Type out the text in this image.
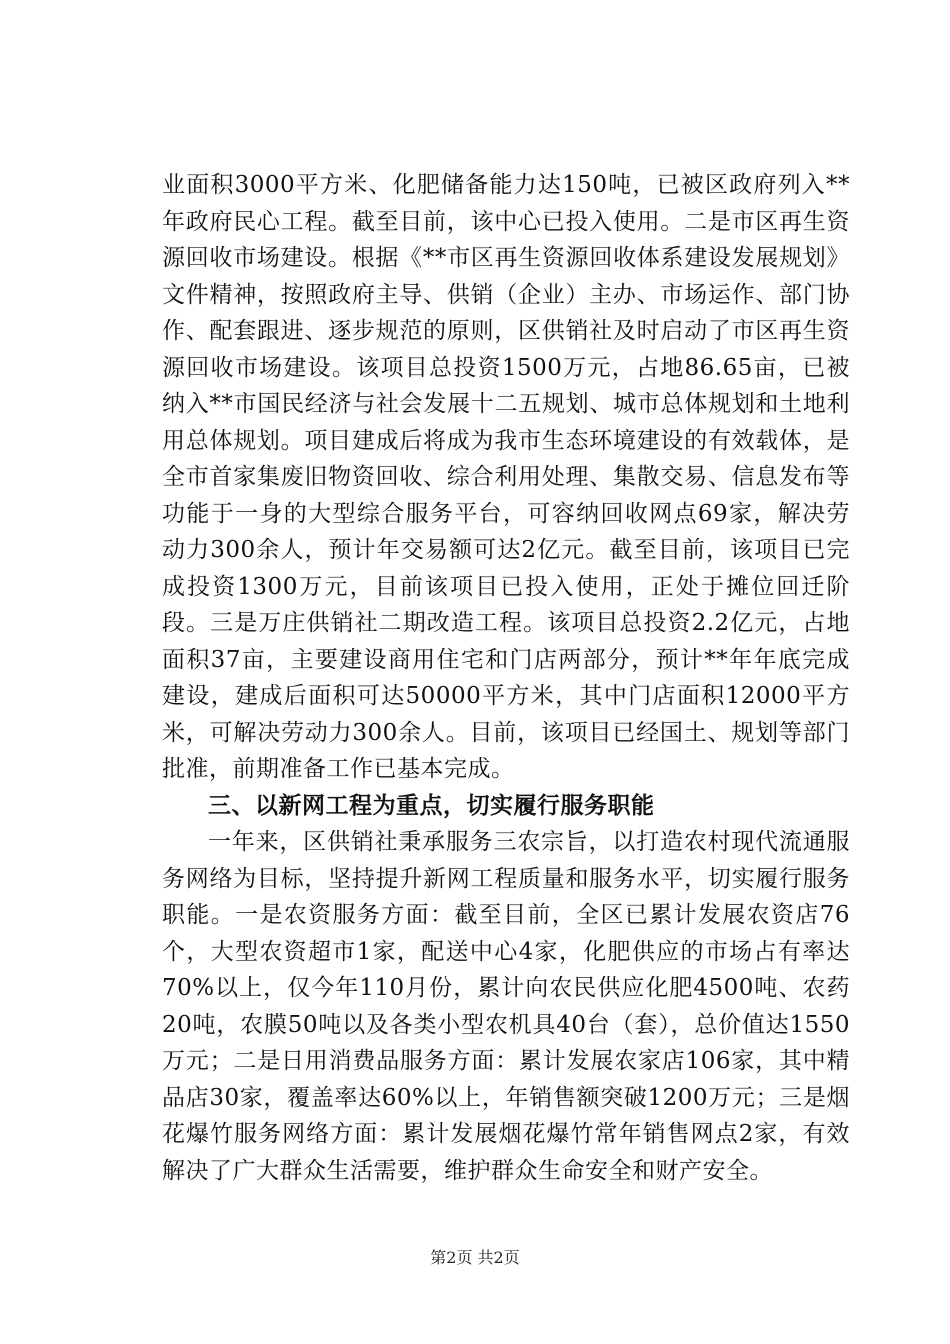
业面积3000平方米、化肥储备能力达150吨，已被区政府列入**年政府民心工程。截至目前，该中心已投入使用。二是市区再生资源回收市场建设。根据《**市区再生资源回收体系建设发展规划》文件精神，按照政府主导、供销（企业）主办、市场运作、部门协作、配套跟进、逐步规范的原则，区供销社及时启动了市区再生资源回收市场建设。该项目总投资1500万元，占地86.65亩，已被纳入**市国民经济与社会发展十二五规划、城市总体规划和土地利用总体规划。项目建成后将成为我市生态环境建设的有效载体，是全市首家集废旧物资回收、综合利用处理、集散交易、信息发布等功能于一身的大型综合服务平台，可容纳回收网点69家，解决劳动力300余人，预计年交易额可达2亿元。截至目前，该项目已完成投资1300万元，目前该项目已投入使用，正处于摊位回迁阶段。三是万庄供销社二期改造工程。该项目总投资2.2亿元，占地面积37亩，主要建设商用住宅和门店两部分，预计**年年底完成建设，建成后面积可达50000平方米，其中门店面积12000平方米，可解决劳动力300余人。目前，该项目已经国土、规划等部门批准，前期准备工作已基本完成。

三、以新网工程为重点，切实履行服务职能

一年来，区供销社秉承服务三农宗旨，以打造农村现代流通服务网络为目标，坚持提升新网工程质量和服务水平，切实履行服务职能。一是农资服务方面：截至目前，全区已累计发展农资店76个，大型农资超市1家，配送中心4家，化肥供应的市场占有率达70%以上，仅今年110月份，累计向农民供应化肥4500吨、农药20吨，农膜50吨以及各类小型农机具40台（套），总价值达1550万元；二是日用消费品服务方面：累计发展农家店106家，其中精品店30家，覆盖率达60%以上，年销售额突破1200万元；三是烟花爆竹服务网络方面：累计发展烟花爆竹常年销售网点2家，有效解决了广大群众生活需要，维护群众生命安全和财产安全。

第2页 共2页
